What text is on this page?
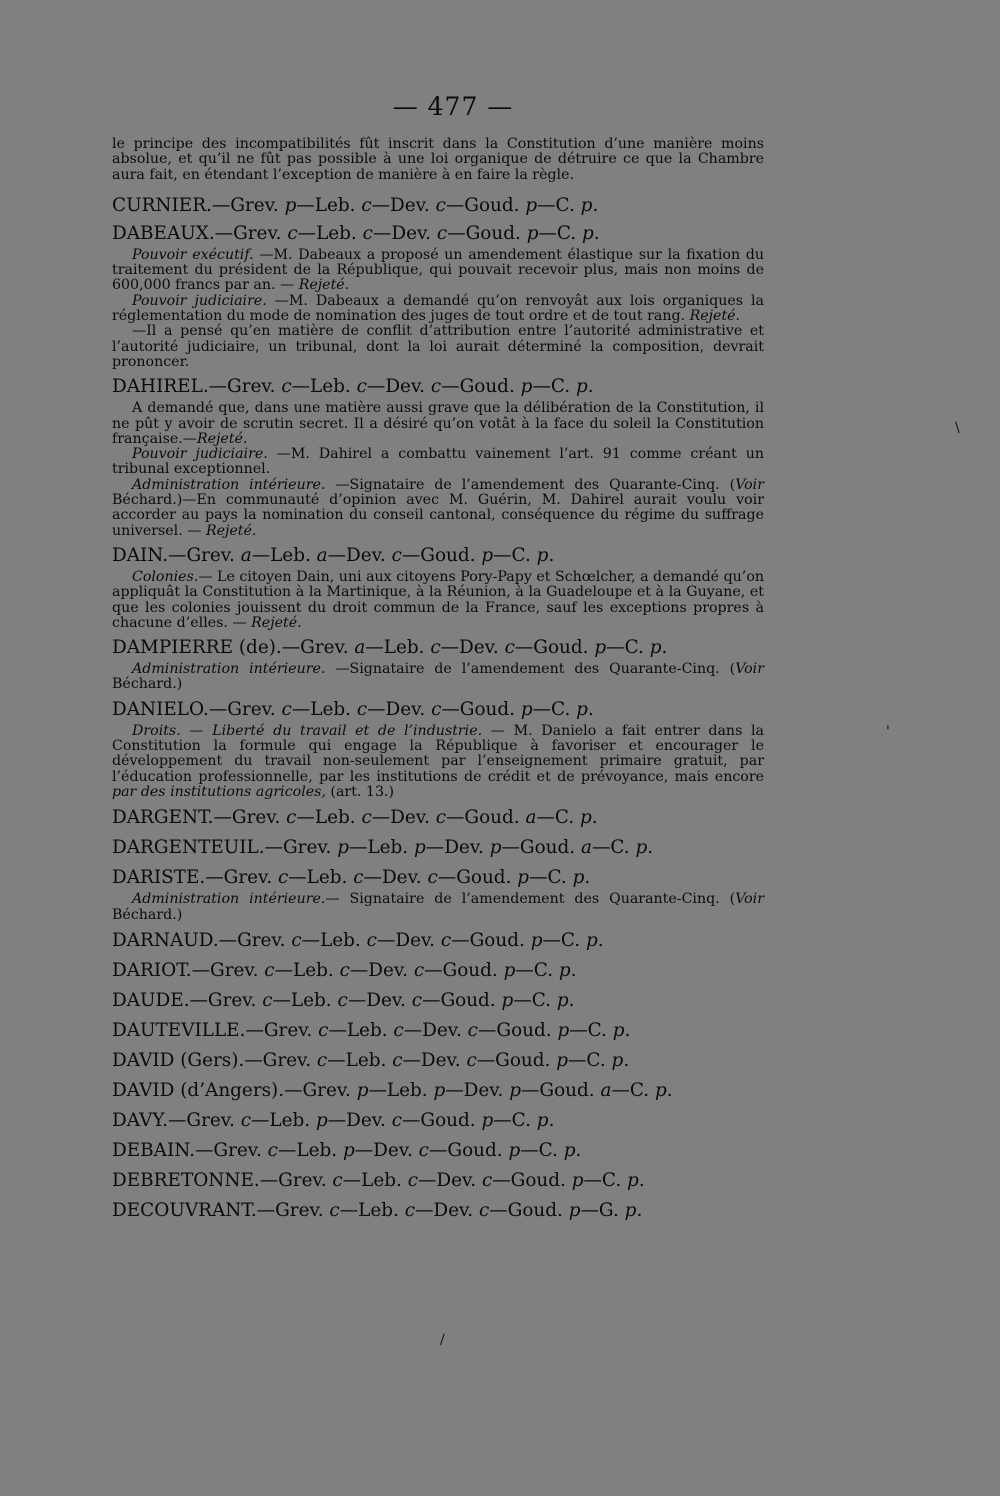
— 477 —

le principe des incompatibilités fût inscrit dans la Constitution d’une manière moins absolue, et qu’il ne fût pas possible à une loi organique de détruire ce que la Chambre aura fait, en étendant l’exception de manière à en faire la règle.

CURNIER.—Grev. p—Leb. c—Dev. c—Goud. p—C. p.
DABEAUX.—Grev. c—Leb. c—Dev. c—Goud. p—C. p.

Pouvoir exécutif. —M. Dabeaux a proposé un amendement élastique sur la fixation du traitement du président de la République, qui pouvait recevoir plus, mais non moins de 600,000 francs par an. — Rejeté.

Pouvoir judiciaire. —M. Dabeaux a demandé qu’on renvoyât aux lois organiques la réglementation du mode de nomination des juges de tout ordre et de tout rang. Rejeté.

—Il a pensé qu’en matière de conflit d’attribution entre l’autorité administrative et l’autorité judiciaire, un tribunal, dont la loi aurait déterminé la composition, devrait prononcer.

DAHIREL.—Grev. c—Leb. c—Dev. c—Goud. p—C. p.

A demandé que, dans une matière aussi grave que la délibération de la Constitution, il ne pût y avoir de scrutin secret. Il a désiré qu’on votât à la face du soleil la Constitution française.—Rejeté.

Pouvoir judiciaire. —M. Dahirel a combattu vainement l’art. 91 comme créant un tribunal exceptionnel.

Administration intérieure. —Signataire de l’amendement des Quarante-Cinq. (Voir Béchard.)—En communauté d’opinion avec M. Guérin, M. Dahirel aurait voulu voir accorder au pays la nomination du conseil cantonal, conséquence du régime du suffrage universel. — Rejeté.

DAIN.—Grev. a—Leb. a—Dev. c—Goud. p—C. p.

Colonies.— Le citoyen Dain, uni aux citoyens Pory-Papy et Schœlcher, a demandé qu’on appliquât la Constitution à la Martinique, à la Réunion, à la Guadeloupe et à la Guyane, et que les colonies jouissent du droit commun de la France, sauf les exceptions propres à chacune d’elles. — Rejeté.

DAMPIERRE (de).—Grev. a—Leb. c—Dev. c—Goud. p—C. p.

Administration intérieure. —Signataire de l’amendement des Quarante-Cinq. (Voir Béchard.)

DANIELO.—Grev. c—Leb. c—Dev. c—Goud. p—C. p.

Droits. — Liberté du travail et de l’industrie. — M. Danielo a fait entrer dans la Constitution la formule qui engage la République à favoriser et encourager le développement du travail non-seulement par l’enseignement primaire gratuit, par l’éducation professionnelle, par les institutions de crédit et de prévoyance, mais encore par des institutions agricoles, (art. 13.)

DARGENT.—Grev. c—Leb. c—Dev. c—Goud. a—C. p.
DARGENTEUIL.—Grev. p—Leb. p—Dev. p—Goud. a—C. p.
DARISTE.—Grev. c—Leb. c—Dev. c—Goud. p—C. p.

Administration intérieure.— Signataire de l’amendement des Quarante-Cinq. (Voir Béchard.)

DARNAUD.—Grev. c—Leb. c—Dev. c—Goud. p—C. p.
DARIOT.—Grev. c—Leb. c—Dev. c—Goud. p—C. p.
DAUDE.—Grev. c—Leb. c—Dev. c—Goud. p—C. p.
DAUTEVILLE.—Grev. c—Leb. c—Dev. c—Goud. p—C. p.
DAVID (Gers).—Grev. c—Leb. c—Dev. c—Goud. p—C. p.
DAVID (d’Angers).—Grev. p—Leb. p—Dev. p—Goud. a—C. p.
DAVY.—Grev. c—Leb. p—Dev. c—Goud. p—C. p.
DEBAIN.—Grev. c—Leb. p—Dev. c—Goud. p—C. p.
DEBRETONNE.—Grev. c—Leb. c—Dev. c—Goud. p—C. p.
DECOUVRANT.—Grev. c—Leb. c—Dev. c—Goud. p—G. p.
\
'
/
